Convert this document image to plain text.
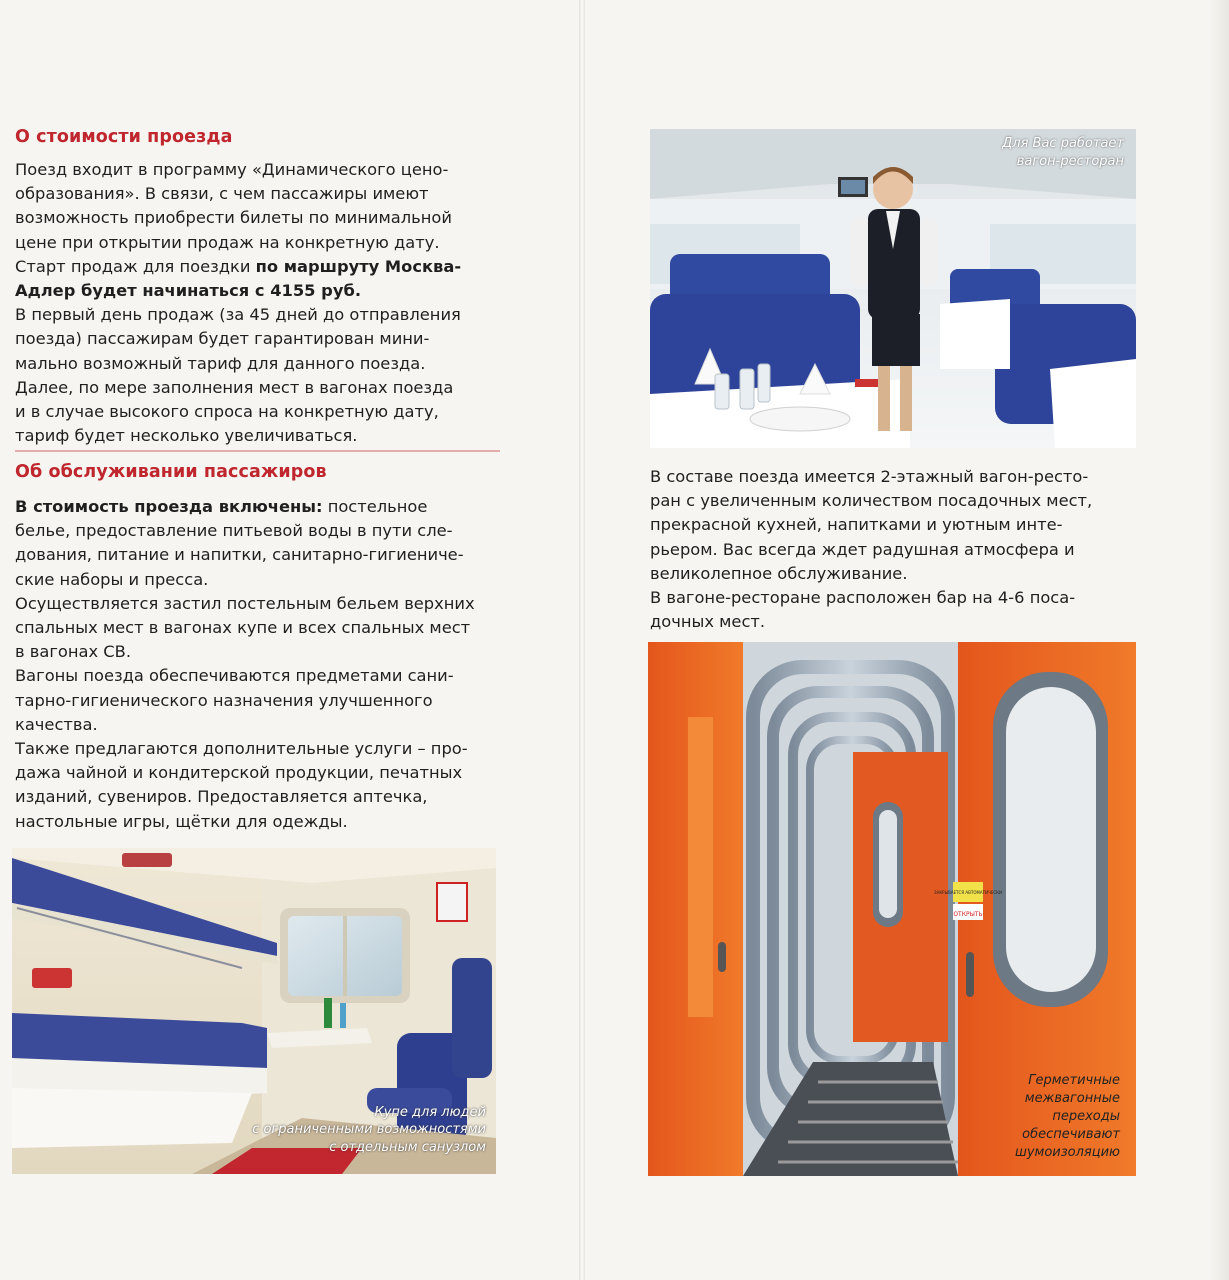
О стоимости проезда
Поезд входит в программу «Динамического цено-
образования». В связи, с чем пассажиры имеют
возможность приобрести билеты по минимальной
цене при открытии продаж на конкретную дату.
Старт продаж для поездки по маршруту Москва-
Адлер будет начинаться с 4155 руб.
В первый день продаж (за 45 дней до отправления
поезда) пассажирам будет гарантирован мини-
мально возможный тариф для данного поезда.
Далее, по мере заполнения мест в вагонах поезда
и в случае высокого спроса на конкретную дату,
тариф будет несколько увеличиваться.
Об обслуживании пассажиров
В стоимость проезда включены: постельное
белье, предоставление питьевой воды в пути сле-
дования, питание и напитки, санитарно-гигиениче-
ские наборы и пресса.
Осуществляется застил постельным бельем верхних
спальных мест в вагонах купе и всех спальных мест
в вагонах СВ.
Вагоны поезда обеспечиваются предметами сани-
тарно-гигиенического назначения улучшенного
качества.
Также предлагаются дополнительные услуги – про-
дажа чайной и кондитерской продукции, печатных
изданий, сувениров. Предоставляется аптечка,
настольные игры, щётки для одежды.
Купе для людей
с ограниченными возможностями
с отдельным санузлом
Для Вас работает
вагон-ресторан
В составе поезда имеется 2-этажный вагон-ресто-
ран с увеличенным количеством посадочных мест,
прекрасной кухней, напитками и уютным инте-
рьером. Вас всегда ждет радушная атмосфера и
великолепное обслуживание.
В вагоне-ресторане расположен бар на 4-6 поса-
дочных мест.
ОТКРЫТЬ
ЗАКРЫВАЕТСЯ АВТОМАТИЧЕСКИ
Герметичные
межвагонные
переходы
обеспечивают
шумоизоляцию
